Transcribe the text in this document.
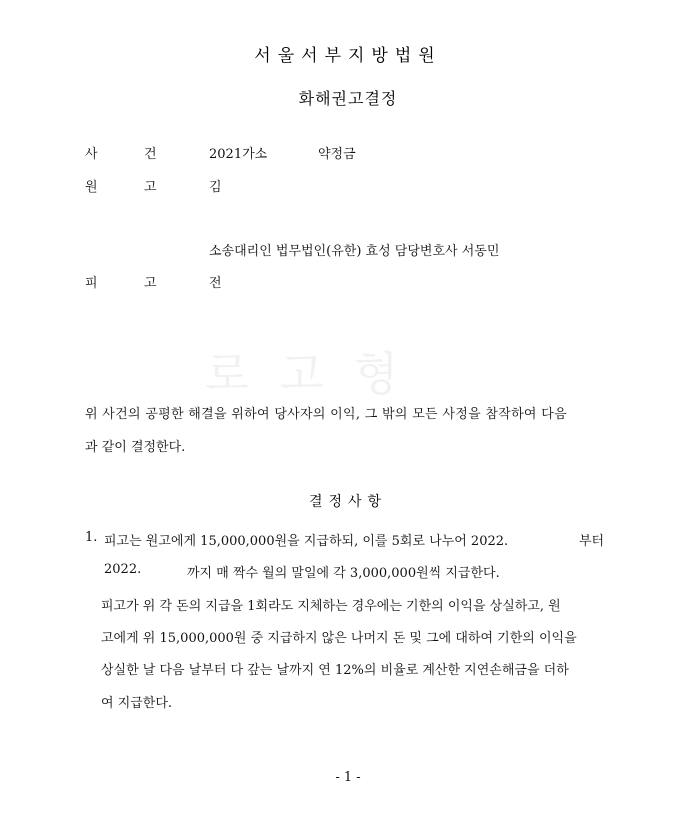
로고형
서울서부지방법원
화해권고결정
사	건	2021가소	약정금
원	고	김
소송대리인 법무법인(유한) 효성 담당변호사 서동민
피	고	전
위 사건의 공평한 해결을 위하여 당사자의 이익, 그 밖의 모든 사정을 참작하여 다음
과 같이 결정한다.
결정사항
1. 피고는 원고에게 15,000,000원을 지급하되, 이를 5회로 나누어 2022.	부터
2022.	까지 매 짝수 월의 말일에 각 3,000,000원씩 지급한다.
피고가 위 각 돈의 지급을 1회라도 지체하는 경우에는 기한의 이익을 상실하고, 원
고에게 위 15,000,000원 중 지급하지 않은 나머지 돈 및 그에 대하여 기한의 이익을
상실한 날 다음 날부터 다 갚는 날까지 연 12%의 비율로 계산한 지연손해금을 더하
여 지급한다.
- 1 -
